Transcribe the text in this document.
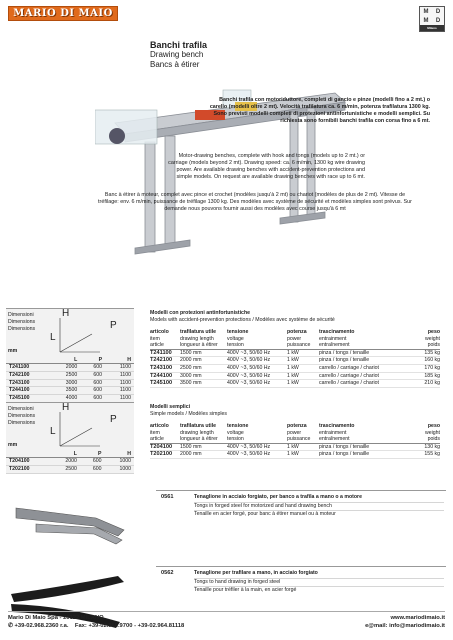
MARIO DI MAIO	M	D
M	D
Milano
Banchi trafila
Drawing bench
Bancs à étirer
Banchi trafila con motoriduttore, completi di gancio e pinze (modelli fino a 2 mt.) o carello (modelli oltre 2 mt). Velocità trafilatura ca. 6 m/min, potenza trafilatura 1300 kg. Sono previsti modelli completi di protezioni antinfortunistiche e modelli semplici. Su richiesta sono fornibili banchi trafila con corsa fino a 6 mt.
Motor-drawing benches, complete with hook and tongs (models up to 2 mt.) or carriage (models beyond 2 mt). Drawing speed: ca. 6 m/min, 1300 kg wire drawing power. Are available drawing benches with accident-prevention protections and simple models. On request are available drawing benches with race up to 6 mt.
Banc à étirer à moteur, complet avec pince et crochet (modèles jusqu'à 2 mt) ou chariot (modèles de plus de 2 mt). Vitesse de tréfilage: env. 6 m/min, puissance de tréfilage 1300 kg. Des modèles avec système de sécurité et modèles simples sont prévus. Sur demande nous pouvons fournir aussi des modèles avec course jusqu'à 6 mt
Dimensioni
Dimensions
Dimensions
mm
H
L
P
	L	P	H
T241100	2000	600	1100
T242100	2500	600	1100
T243100	3000	600	1100
T244100	3500	600	1100
T245100	4000	600	1100
Modelli con protezioni antinfortunistiche
Models with accident-prevention protections / Modèles avec système de sécurité
articolo	trafilatura utile	tensione	potenza	trascinamento	peso
item	drawing length	voltage	power	entrainment	weight
article	longueur à étirer	tension	puissance	entraînement	poids
T241100	1500 mm	400V ~3, 50/60 Hz	1 kW	pinza / tongs / tenaille	135 kg
T242100	2000 mm	400V ~3, 50/60 Hz	1 kW	pinza / tongs / tenaille	160 kg
T243100	2500 mm	400V ~3, 50/60 Hz	1 kW	carrello / carriage / chariot	170 kg
T244100	3000 mm	400V ~3, 50/60 Hz	1 kW	carrello / carriage / chariot	185 kg
T245100	3500 mm	400V ~3, 50/60 Hz	1 kW	carrello / carriage / chariot	210 kg
Dimensioni
Dimensions
Dimensions
mm
H
L
P
	L	P	H
T204100	2000	600	1000
T202100	2500	600	1000
Modelli semplici
Simple models / Modèles simples
articolo	trafilatura utile	tensione	potenza	trascinamento	peso
item	drawing length	voltage	power	entrainment	weight
article	longueur à étirer	tension	puissance	entraînement	poids
T204100	1500 mm	400V ~3, 50/60 Hz	1 kW	pinza / tongs / tenaille	130 kg
T202100	2000 mm	400V ~3, 50/60 Hz	1 kW	pinza / tongs / tenaille	155 kg
0561	Tenaglione in acciaio forgiato, per banco a trafila a mano o a motore
Tongs in forged steel for motorized and hand drawing bench
Tenaille en acier forgé, pour banc à étirer manuel ou à moteur
0562	Tenaglione per trafilare a mano, in acciaio forgiato
Tongs to hand drawing in forged steel
Tenaille pour tréfiler à la main, en acier forgé
Mario Di Maio Spa - 20122 MILANO	www.mariodimaio.it
✆ +39-02.968.2360 r.a. Fax: +39-02.968.9700 - +39-02.964.81118	e@mail: info@mariodimaio.it
